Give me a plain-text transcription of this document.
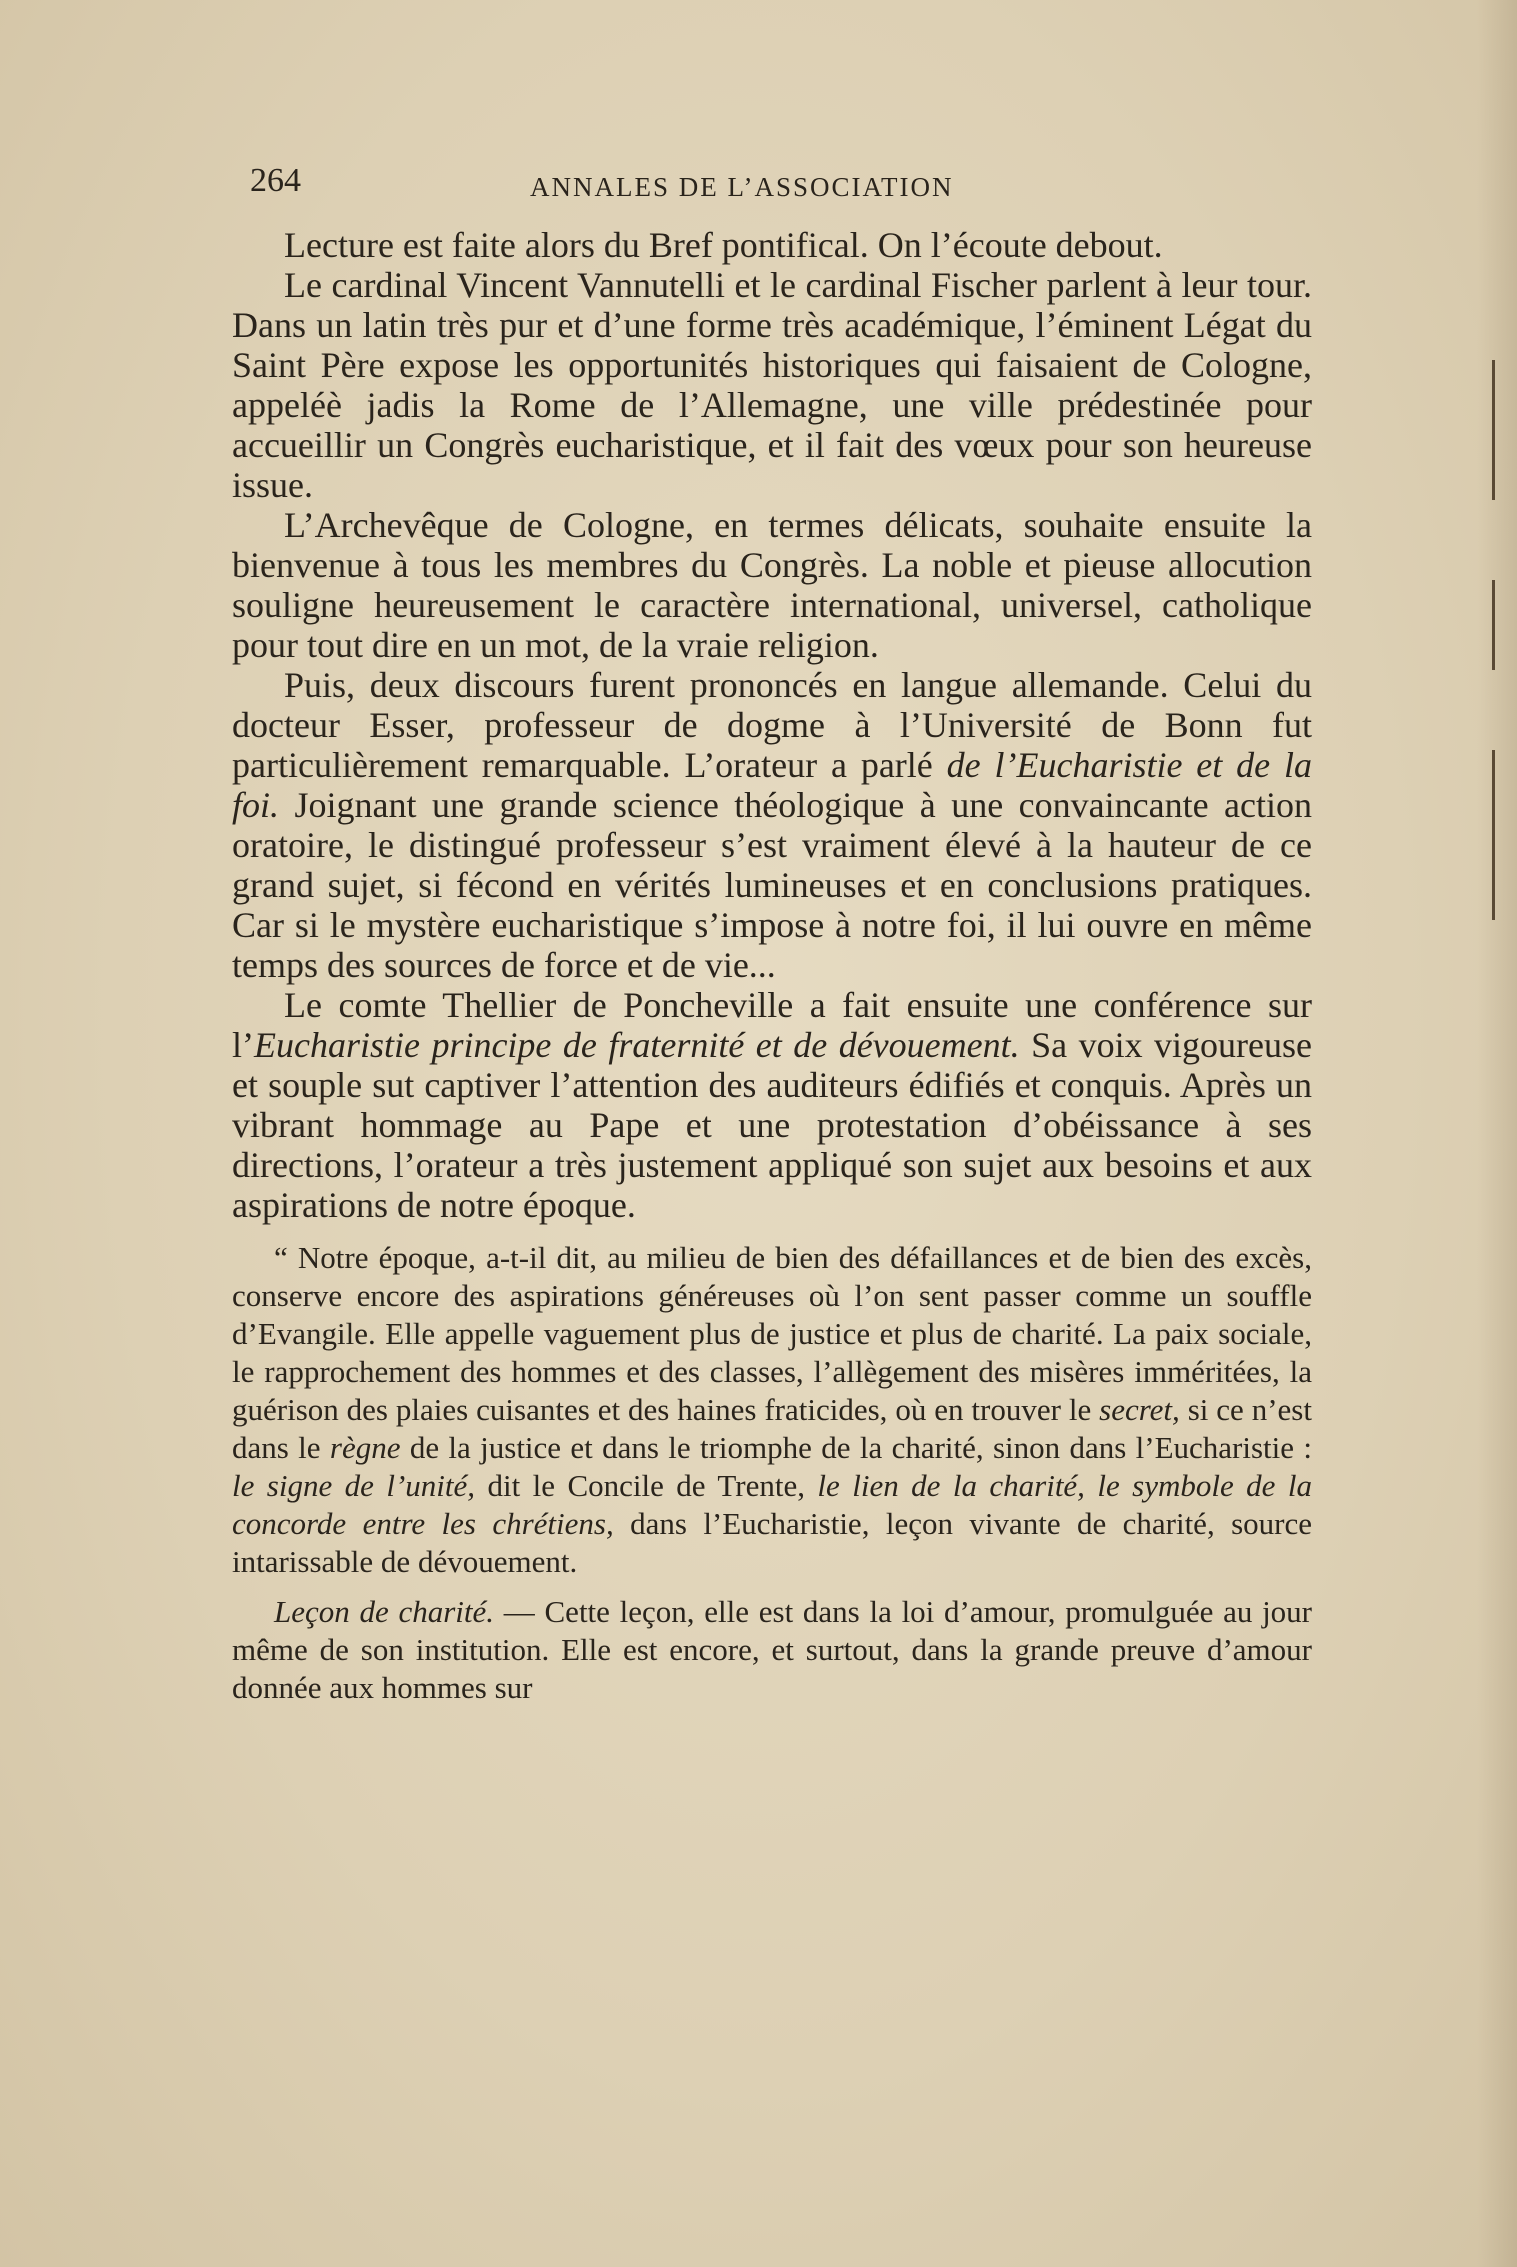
264	ANNALES DE L’ASSOCIATION

Lecture est faite alors du Bref pontifical. On l’écoute debout.

Le cardinal Vincent Vannutelli et le cardinal Fischer parlent à leur tour. Dans un latin très pur et d’une forme très académique, l’éminent Légat du Saint Père expose les opportunités historiques qui faisaient de Cologne, appeléè jadis la Rome de l’Allemagne, une ville prédestinée pour accueillir un Congrès eucharistique, et il fait des vœux pour son heureuse issue.

L’Archevêque de Cologne, en termes délicats, souhaite ensuite la bienvenue à tous les membres du Congrès. La noble et pieuse allocution souligne heureusement le caractère international, universel, catholique pour tout dire en un mot, de la vraie religion.

Puis, deux discours furent prononcés en langue allemande. Celui du docteur Esser, professeur de dogme à l’Université de Bonn fut particulièrement remarquable. L’orateur a parlé de l’Eucharistie et de la foi. Joignant une grande science théologique à une convaincante action oratoire, le distingué professeur s’est vraiment élevé à la hauteur de ce grand sujet, si fécond en vérités lumineuses et en conclusions pratiques. Car si le mystère eucharistique s’impose à notre foi, il lui ouvre en même temps des sources de force et de vie...

Le comte Thellier de Poncheville a fait ensuite une conférence sur l’Eucharistie principe de fraternité et de dévouement. Sa voix vigoureuse et souple sut captiver l’attention des auditeurs édifiés et conquis. Après un vibrant hommage au Pape et une protestation d’obéissance à ses directions, l’orateur a très justement appliqué son sujet aux besoins et aux aspirations de notre époque.

“ Notre époque, a-t-il dit, au milieu de bien des défaillances et de bien des excès, conserve encore des aspirations généreuses où l’on sent passer comme un souffle d’Evangile. Elle appelle vaguement plus de justice et plus de charité. La paix sociale, le rapprochement des hommes et des classes, l’allègement des misères imméritées, la guérison des plaies cuisantes et des haines fraticides, où en trouver le secret, si ce n’est dans le règne de la justice et dans le triomphe de la charité, sinon dans l’Eucharistie : le signe de l’unité, dit le Concile de Trente, le lien de la charité, le symbole de la concorde entre les chrétiens, dans l’Eucharistie, leçon vivante de charité, source intarissable de dévouement.

Leçon de charité. — Cette leçon, elle est dans la loi d’amour, promulguée au jour même de son institution. Elle est encore, et surtout, dans la grande preuve d’amour donnée aux hommes sur
